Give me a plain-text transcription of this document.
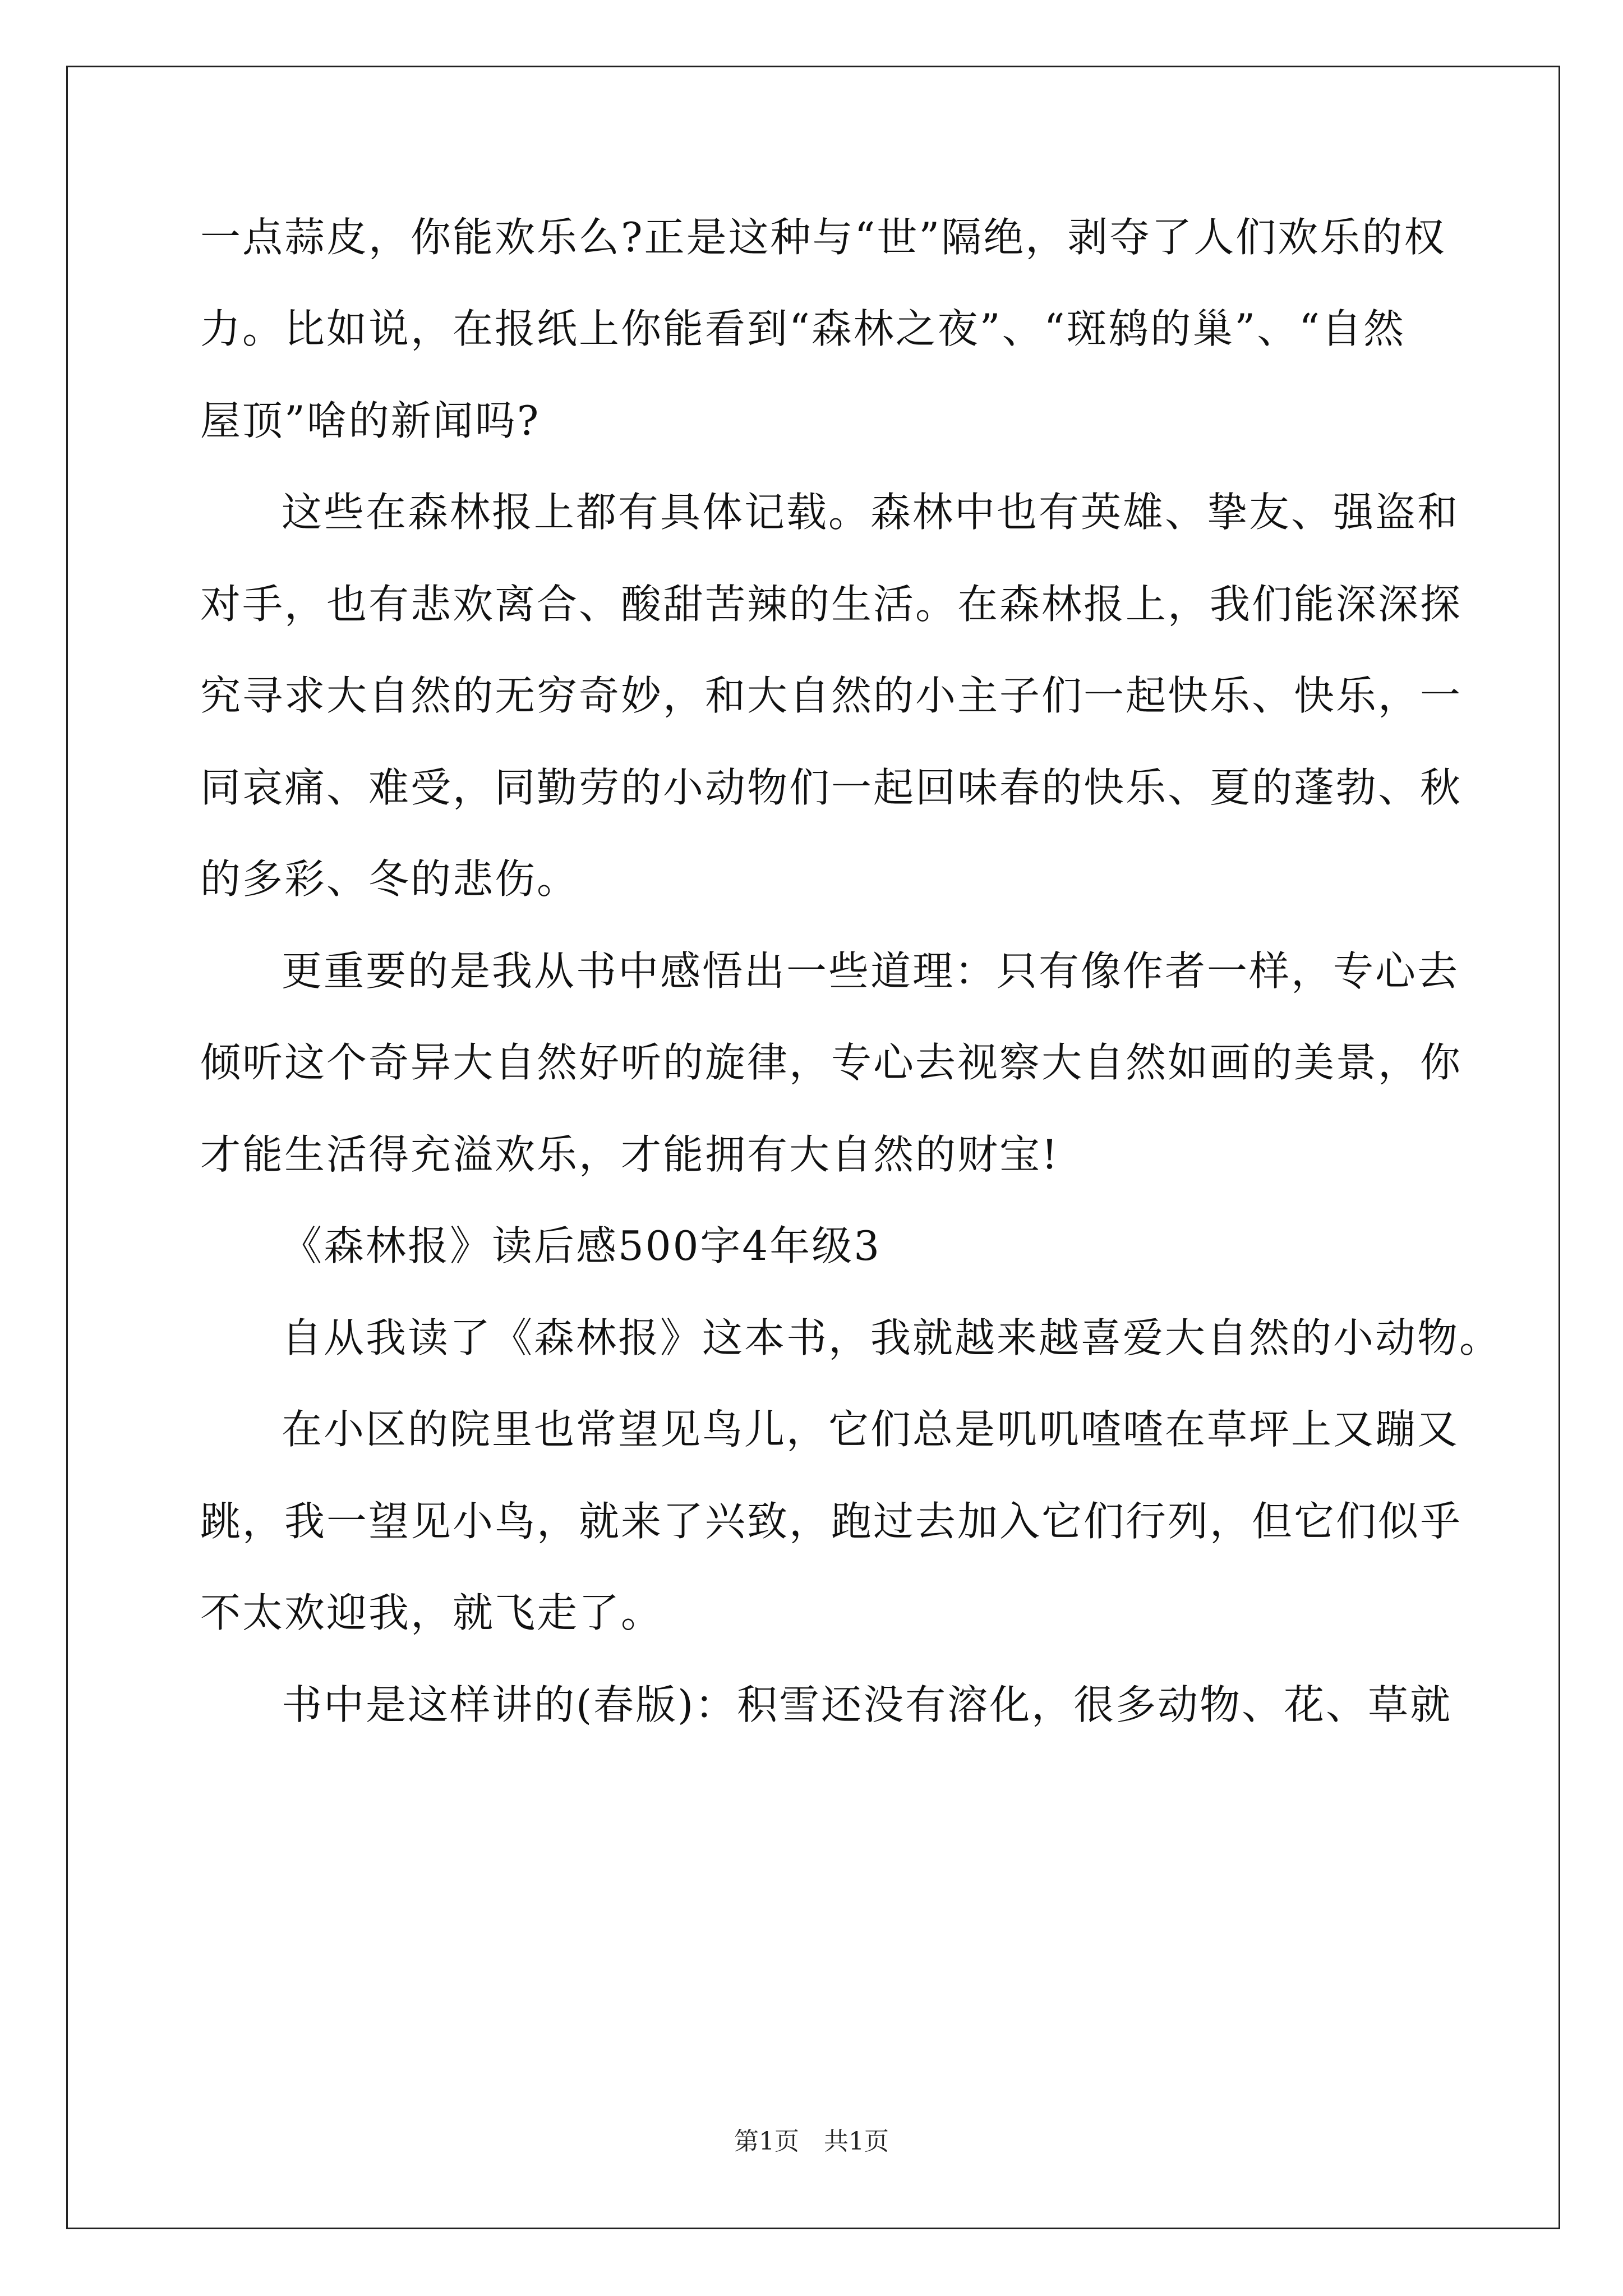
一点蒜皮，你能欢乐么?正是这种与“世”隔绝，剥夺了人们欢乐的权
力。比如说，在报纸上你能看到“森林之夜”、“斑鸫的巢”、“自然
屋顶”啥的新闻吗?
这些在森林报上都有具体记载。森林中也有英雄、挚友、强盗和
对手，也有悲欢离合、酸甜苦辣的生活。在森林报上，我们能深深探
究寻求大自然的无穷奇妙，和大自然的小主子们一起快乐、快乐，一
同哀痛、难受，同勤劳的小动物们一起回味春的快乐、夏的蓬勃、秋
的多彩、冬的悲伤。
更重要的是我从书中感悟出一些道理：只有像作者一样，专心去
倾听这个奇异大自然好听的旋律，专心去视察大自然如画的美景，你
才能生活得充溢欢乐，才能拥有大自然的财宝!
《森林报》读后感500字4年级3
自从我读了《森林报》这本书，我就越来越喜爱大自然的小动物。
在小区的院里也常望见鸟儿，它们总是叽叽喳喳在草坪上又蹦又
跳，我一望见小鸟，就来了兴致，跑过去加入它们行列，但它们似乎
不太欢迎我，就飞走了。
书中是这样讲的(春版)：积雪还没有溶化，很多动物、花、草就
第1页　共1页
